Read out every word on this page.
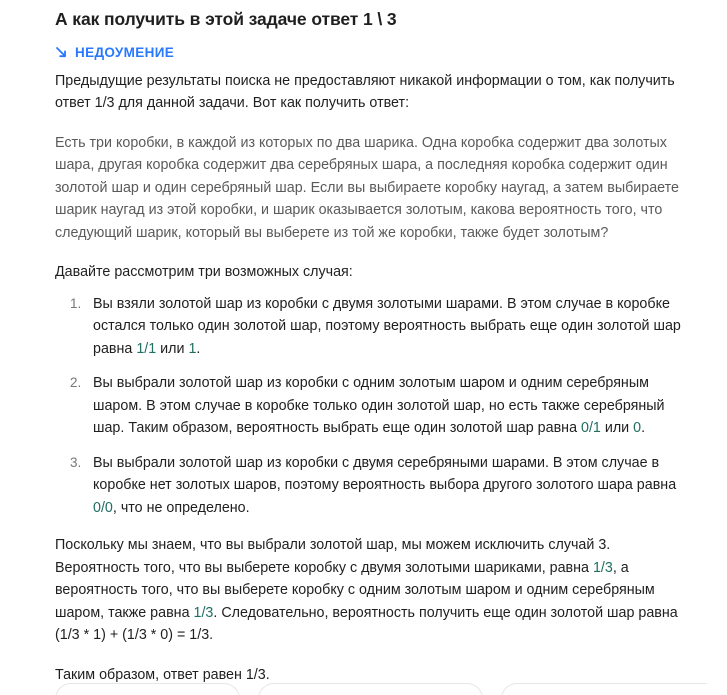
А как получить в этой задаче ответ 1 \ 3
НЕДОУМЕНИЕ

Предыдущие результаты поиска не предоставляют никакой информации о том, как получить ответ 1/3 для данной задачи. Вот как получить ответ:

Есть три коробки, в каждой из которых по два шарика. Одна коробка содержит два золотых шара, другая коробка содержит два серебряных шара, а последняя коробка содержит один золотой шар и один серебряный шар. Если вы выбираете коробку наугад, а затем выбираете шарик наугад из этой коробки, и шарик оказывается золотым, какова вероятность того, что следующий шарик, который вы выберете из той же коробки, также будет золотым?

Давайте рассмотрим три возможных случая:

Вы взяли золотой шар из коробки с двумя золотыми шарами. В этом случае в коробке остался только один золотой шар, поэтому вероятность выбрать еще один золотой шар равна 1/1 или 1.
Вы выбрали золотой шар из коробки с одним золотым шаром и одним серебряным шаром. В этом случае в коробке только один золотой шар, но есть также серебряный шар. Таким образом, вероятность выбрать еще один золотой шар равна 0/1 или 0.
Вы выбрали золотой шар из коробки с двумя серебряными шарами. В этом случае в коробке нет золотых шаров, поэтому вероятность выбора другого золотого шара равна 0/0, что не определено.

Поскольку мы знаем, что вы выбрали золотой шар, мы можем исключить случай 3. Вероятность того, что вы выберете коробку с двумя золотыми шариками, равна 1/3, а вероятность того, что вы выберете коробку с одним золотым шаром и одним серебряным шаром, также равна 1/3. Следовательно, вероятность получить еще один золотой шар равна (1/3 * 1) + (1/3 * 0) = 1/3.

Таким образом, ответ равен 1/3.
